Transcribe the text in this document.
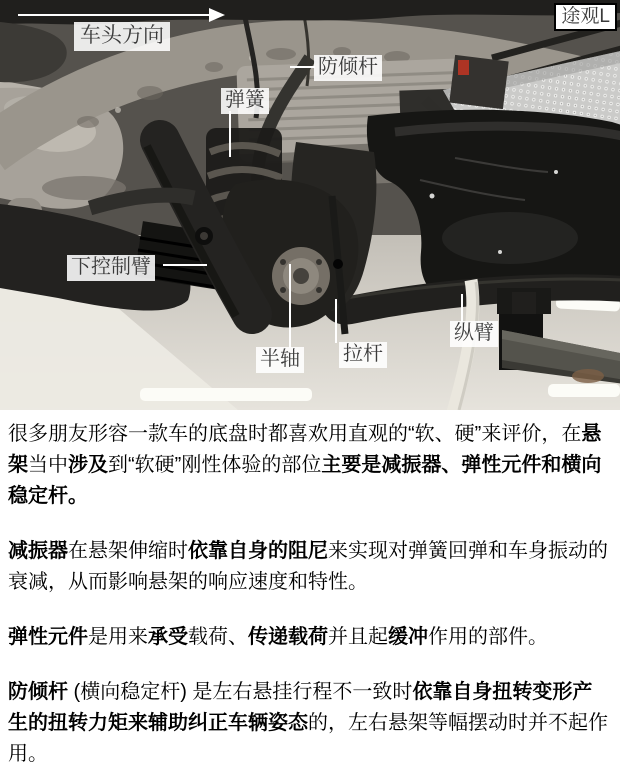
车头方向
途观L
防倾杆
弹簧
下控制臂
半轴 拉杆
纵臂

很多朋友形容一款车的底盘时都喜欢用直观的“软、硬”来评价，在悬架当中涉及到“软硬”刚性体验的部位主要是减振器、弹性元件和横向稳定杆。

减振器在悬架伸缩时依靠自身的阻尼来实现对弹簧回弹和车身振动的衰减，从而影响悬架的响应速度和特性。

弹性元件是用来承受载荷、传递载荷并且起缓冲作用的部件。

防倾杆 (横向稳定杆) 是左右悬挂行程不一致时依靠自身扭转变形产生的扭转力矩来辅助纠正车辆姿态的，左右悬架等幅摆动时并不起作用。
